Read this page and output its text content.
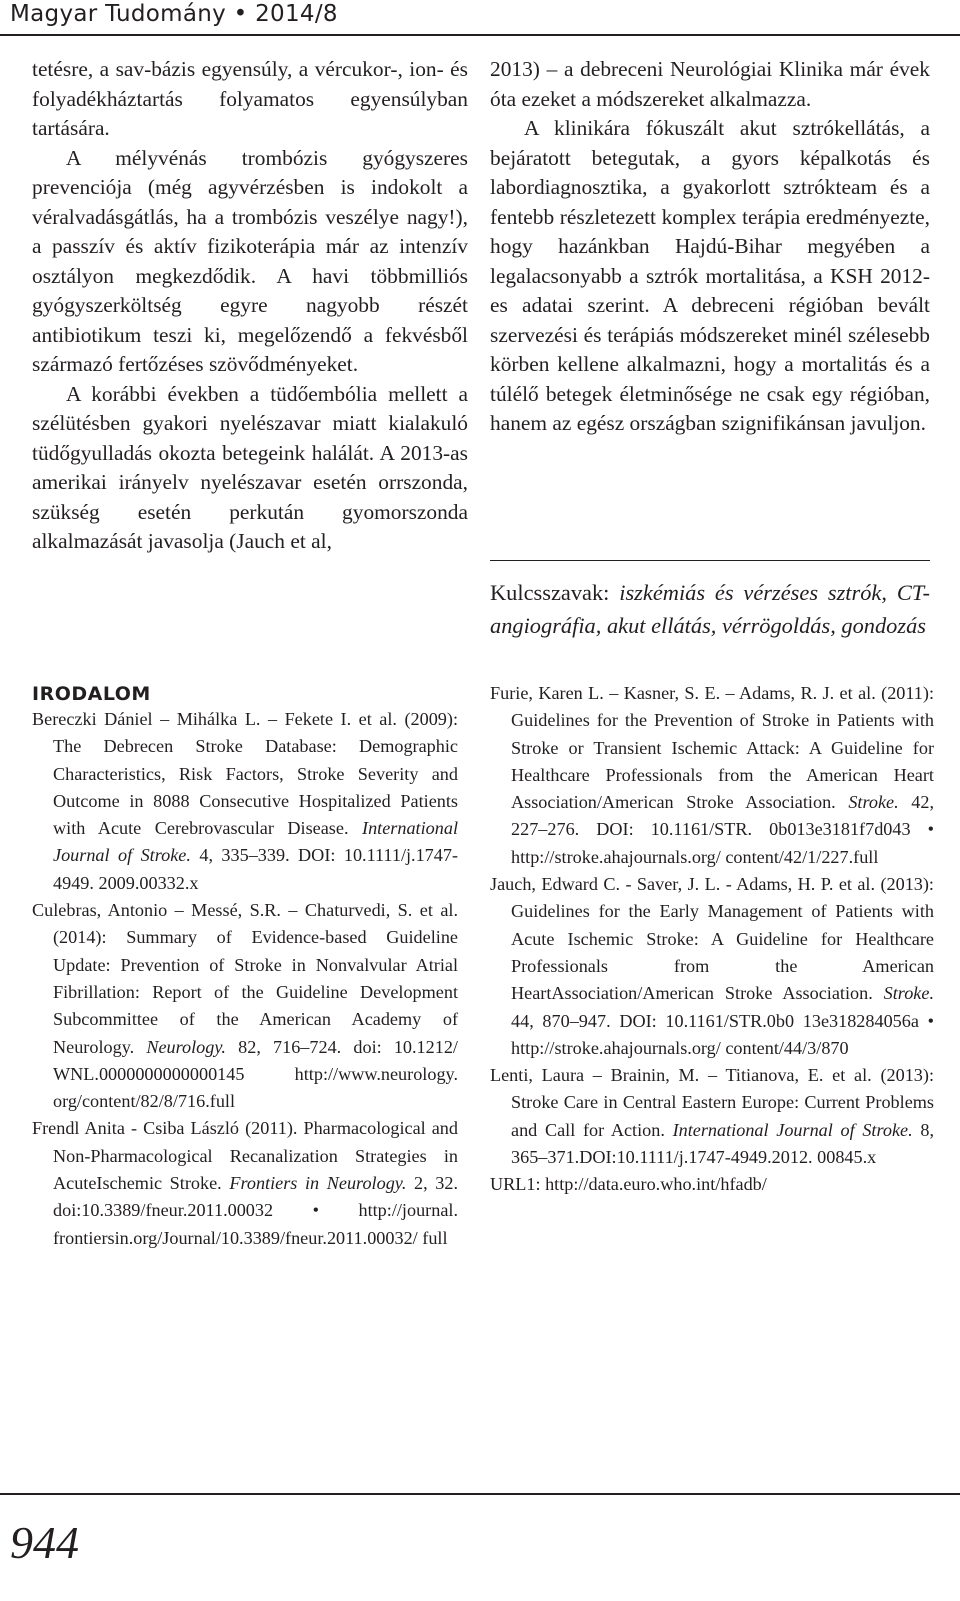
Magyar Tudomány • 2014/8

tetésre, a sav-bázis egyensúly, a vércukor-, ion- és folyadékháztartás folyamatos egyensúlyban tartására.

A mélyvénás trombózis gyógyszeres prevenciója (még agyvérzésben is indokolt a véralvadásgátlás, ha a trombózis veszélye nagy!), a passzív és aktív fizikoterápia már az intenzív osztályon megkezdődik. A havi többmilliós gyógyszerköltség egyre nagyobb részét antibiotikum teszi ki, megelőzendő a fekvésből származó fertőzéses szövődményeket.

A korábbi években a tüdőembólia mellett a szélütésben gyakori nyelészavar miatt kialakuló tüdőgyulladás okozta betegeink halálát. A 2013-as amerikai irányelv nyelészavar esetén orrszonda, szükség esetén perkután gyomorszonda alkalmazását javasolja (Jauch et al,

2013) – a debreceni Neurológiai Klinika már évek óta ezeket a módszereket alkalmazza.

A klinikára fókuszált akut sztrókellátás, a bejáratott betegutak, a gyors képalkotás és labordiagnosztika, a gyakorlott sztrókteam és a fentebb részletezett komplex terápia eredményezte, hogy hazánkban Hajdú-Bihar megyében a legalacsonyabb a sztrók mortalitása, a KSH 2012-es adatai szerint. A debreceni régióban bevált szervezési és terápiás módszereket minél szélesebb körben kellene alkalmazni, hogy a mortalitás és a túlélő betegek életminősége ne csak egy régióban, hanem az egész országban szignifikánsan javuljon.

Kulcsszavak: iszkémiás és vérzéses sztrók, CT-angiográfia, akut ellátás, vérrögoldás, gondozás
IRODALOM

Bereczki Dániel – Mihálka L. – Fekete I. et al. (2009): The Debrecen Stroke Database: Demographic Characteristics, Risk Factors, Stroke Severity and Outcome in 8088 Consecutive Hospitalized Patients with Acute Cerebrovascular Disease. International Journal of Stroke. 4, 335–339. DOI: 10.1111/j.1747-4949. 2009.00332.x

Culebras, Antonio – Messé, S.R. – Chaturvedi, S. et al. (2014): Summary of Evidence-based Guideline Update: Prevention of Stroke in Nonvalvular Atrial Fibrillation: Report of the Guideline Development Subcommittee of the American Academy of Neurology. Neurology. 82, 716–724. doi: 10.1212/ WNL.0000000000000145 http://www.neurology. org/content/82/8/716.full

Frendl Anita - Csiba László (2011). Pharmacological and Non-Pharmacological Recanalization Strategies in AcuteIschemic Stroke. Frontiers in Neurology. 2, 32. doi:10.3389/fneur.2011.00032 • http://journal. frontiersin.org/Journal/10.3389/fneur.2011.00032/ full

Furie, Karen L. – Kasner, S. E. – Adams, R. J. et al. (2011): Guidelines for the Prevention of Stroke in Patients with Stroke or Transient Ischemic Attack: A Guideline for Healthcare Professionals from the American Heart Association/American Stroke Association. Stroke. 42, 227–276. DOI: 10.1161/STR. 0b013e3181f7d043 • http://stroke.ahajournals.org/ content/42/1/227.full

Jauch, Edward C. - Saver, J. L. - Adams, H. P. et al. (2013): Guidelines for the Early Management of Patients with Acute Ischemic Stroke: A Guideline for Healthcare Professionals from the American HeartAssociation/American Stroke Association. Stroke. 44, 870–947. DOI: 10.1161/STR.0b0 13e318284056a • http://stroke.ahajournals.org/ content/44/3/870

Lenti, Laura – Brainin, M. – Titianova, E. et al. (2013): Stroke Care in Central Eastern Europe: Current Problems and Call for Action. International Journal of Stroke. 8, 365–371.DOI:10.1111/j.1747-4949.2012. 00845.x

URL1: http://data.euro.who.int/hfadb/

944
